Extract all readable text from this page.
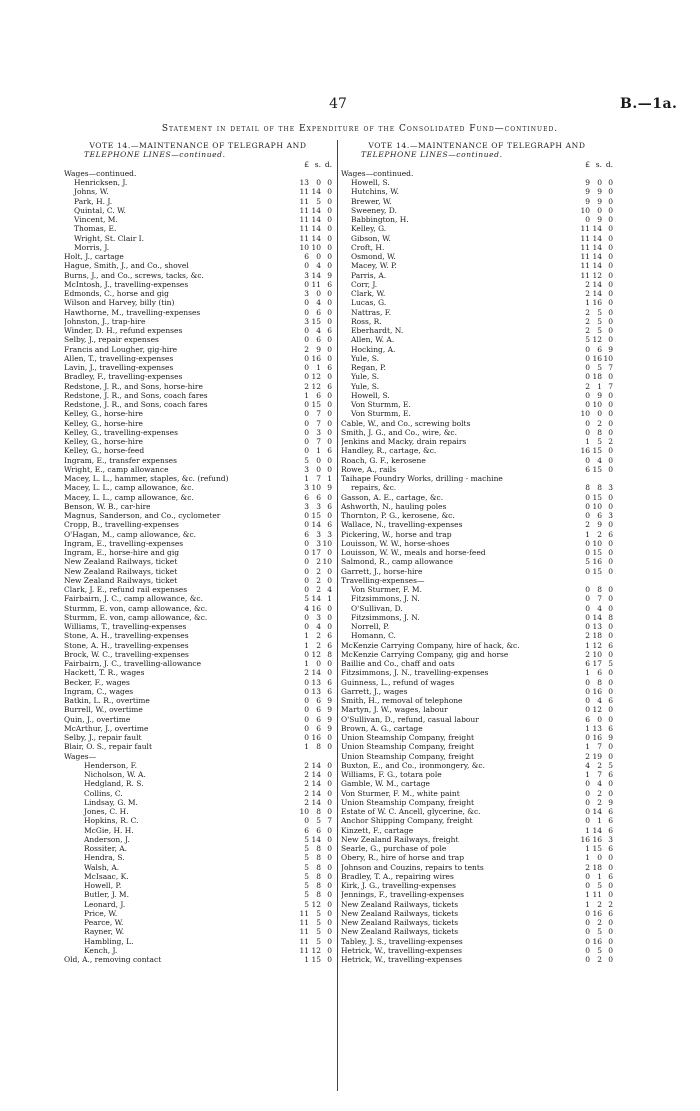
47	B.—1a.
Statement in detail of the Expenditure of the Consolidated Fund—continued.
VOTE 14.—MAINTENANCE OF TELEGRAPH AND
TELEPHONE LINES—continued.
£ s. d.
Wages—continued.
Henricksen, J.	13 0 0
Johns, W.	11 14 0
Park, H. J.	11 5 0
Quintal, C. W.	11 14 0
Vincent, M.	11 14 0
Thomas, E.	11 14 0
Wright, St. Clair I.	11 14 0
Morris, J.	10 10 0
Holt, J., cartage	6 0 0
Hague, Smith, J., and Co., shovel	0 4 0
Burns, J., and Co., screws, tacks, &c.	3 14 9
McIntosh, J., travelling-expenses	0 11 6
Edmonds, C., horse and gig	3 0 0
Wilson and Harvey, billy (tin)	0 4 0
Hawthorne, M., travelling-expenses	0 6 0
Johnston, J., trap-hire	3 15 0
Winder, D. H., refund expenses	0 4 6
Selby, J., repair expenses	0 6 0
Francis and Lougher, gig-hire	2 9 0
Allen, T., travelling-expenses	0 16 0
Lavin, J., travelling-expenses	0 1 6
Bradley, F., travelling-expenses	0 12 0
Redstone, J. R., and Sons, horse-hire	2 12 6
Redstone, J. R., and Sons, coach fares	1 6 0
Redstone, J. R., and Sons, coach fares	0 15 0
Kelley, G., horse-hire	0 7 0
Kelley, G., horse-hire	0 7 0
Kelley, G., travelling-expenses	0 3 0
Kelley, G., horse-hire	0 7 0
Kelley, G., horse-feed	0 1 6
Ingram, E., transfer expenses	5 0 0
Wright, E., camp allowance	3 0 0
Macey, L. L., hammer, staples, &c. (refund)	1 7 1
Macey, L. L., camp allowance, &c.	3 10 9
Macey, L. L., camp allowance, &c.	6 6 0
Benson, W. B., car-hire	3 3 6
Magnus, Sanderson, and Co., cyclometer	0 15 0
Cropp, B., travelling-expenses	0 14 6
O'Hagan, M., camp allowance, &c.	6 3 3
Ingram, E., travelling-expenses	0 3 10
Ingram, E., horse-hire and gig	0 17 0
New Zealand Railways, ticket	0 2 10
New Zealand Railways, ticket	0 2 0
New Zealand Railways, ticket	0 2 0
Clark, J. E., refund rail expenses	0 2 4
Fairbairn, J. C., camp allowance, &c.	5 14 1
Sturmm, E. von, camp allowance, &c.	4 16 0
Sturmm, E. von, camp allowance, &c.	0 3 0
Williams, T., travelling-expenses	0 4 0
Stone, A. H., travelling-expenses	1 2 6
Stone, A. H., travelling-expenses	1 2 6
Brock, W. C., travelling-expenses	0 12 8
Fairbairn, J. C., travelling-allowance	1 0 0
Hackett, T. R., wages	2 14 0
Becker, F., wages	0 13 6
Ingram, C., wages	0 13 6
Batkin, L. R., overtime	0 6 9
Burrell, W., overtime	0 6 9
Quin, J., overtime	0 6 9
McArthur, J., overtime	0 6 9
Selby, J., repair fault	0 16 0
Blair, O. S., repair fault	1 8 0
Wages—
Henderson, F.	2 14 0
Nicholson, W. A.	2 14 0
Hedgland, R. S.	2 14 0
Collins, C.	2 14 0
Lindsay, G. M.	2 14 0
Jones, C. H.	10 8 0
Hopkins, R. C.	0 5 7
McGie, H. H.	6 6 0
Anderson, J.	5 14 0
Rossiter, A.	5 8 0
Hendra, S.	5 8 0
Walsh, A.	5 8 0
McIsaac, K.	5 8 0
Howell, P.	5 8 0
Butler, J. M.	5 8 0
Leonard, J.	5 12 0
Price, W.	11 5 0
Pearce, W.	11 5 0
Rayner, W.	11 5 0
Hambling, L.	11 5 0
Kench, J.	11 12 0
Old, A., removing contact	1 15 0
VOTE 14.—MAINTENANCE OF TELEGRAPH AND
TELEPHONE LINES—continued.
£ s. d.
Wages—continued.
Howell, S.	9 0 0
Hutchins, W.	9 9 0
Brewer, W.	9 9 0
Sweeney, D.	10 0 0
Babbington, H.	0 9 0
Kelley, G.	11 14 0
Gibson, W.	11 14 0
Croft, H.	11 14 0
Osmond, W.	11 14 0
Macey, W. P.	11 14 0
Parris, A.	11 12 0
Corr, J.	2 14 0
Clark, W.	2 14 0
Lucas, G.	1 16 0
Nattras, F.	2 5 0
Ross, R.	2 5 0
Eberhardt, N.	2 5 0
Allen, W. A.	5 12 0
Hocking, A.	0 6 9
Yule, S.	0 16 10
Regan, P.	0 5 7
Yule, S.	0 18 0
Yule, S.	2 1 7
Howell, S.	0 9 0
Von Sturmm, E.	0 10 0
Von Sturmm, E.	10 0 0
Cable, W., and Co., screwing bolts	0 2 0
Smith, J. G., and Co., wire, &c.	0 8 0
Jenkins and Macky, drain repairs	1 5 2
Handley, R., cartage, &c.	16 15 0
Roach, G. F., kerosene	0 4 0
Rowe, A., rails	6 15 0
Taihape Foundry Works, drilling - machine
repairs, &c.	8 8 3
Gasson, A. E., cartage, &c.	0 15 0
Ashworth, N., hauling poles	0 10 0
Thornton, P. G., kerosene, &c.	0 6 3
Wallace, N., travelling-expenses	2 9 0
Pickering, W., horse and trap	1 2 6
Louisson, W. W., horse-shoes	0 10 0
Louisson, W. W., meals and horse-feed	0 15 0
Salmond, R., camp allowance	5 16 0
Garrett, J., horse-hire	0 15 0
Travelling-expenses—
Von Sturmer, F. M.	0 8 0
Fitzsimmons, J. N.	0 7 0
O'Sullivan, D.	0 4 0
Fitzsimmons, J. N.	0 14 8
Norrell, P.	0 13 0
Homann, C.	2 18 0
McKenzie Carrying Company, hire of hack, &c.	1 12 6
McKenzie Carrying Company, gig and horse	2 10 0
Baillie and Co., chaff and oats	6 17 5
Fitzsimmons, J. N., travelling-expenses	1 6 0
Guinness, L., refund of wages	0 8 0
Garrett, J., wages	0 16 0
Smith, H., removal of telephone	0 4 6
Martyn, J. W., wages, labour	0 12 0
O'Sullivan, D., refund, casual labour	6 0 0
Brown, A. G., cartage	1 13 6
Union Steamship Company, freight	0 16 9
Union Steamship Company, freight	1 7 0
Union Steamship Company, freight	2 19 0
Buxton, E., and Co., ironmongery, &c.	4 2 5
Williams, F. G., totara pole	1 7 6
Gamble, W. M., cartage	0 4 0
Von Sturmer, F. M., white paint	0 2 0
Union Steamship Company, freight	0 2 9
Estate of W. C. Ancell, glycerine, &c.	0 14 6
Anchor Shipping Company, freight	0 1 6
Kinzett, F., cartage	1 14 6
New Zealand Railways, freight	16 16 3
Searle, G., purchase of pole	1 15 6
Obery, R., hire of horse and trap	1 0 0
Johnson and Couzins, repairs to tents	2 18 0
Bradley, T. A., repairing wires	0 1 6
Kirk, J. G., travelling-expenses	0 5 0
Jennings, F., travelling-expenses	1 11 0
New Zealand Railways, tickets	1 2 2
New Zealand Railways, tickets	0 16 6
New Zealand Railways, tickets	0 2 0
New Zealand Railways, tickets	0 5 0
Tabley, J. S., travelling-expenses	0 16 0
Hetrick, W., travelling-expenses	0 5 0
Hetrick, W., travelling-expenses	0 2 0
